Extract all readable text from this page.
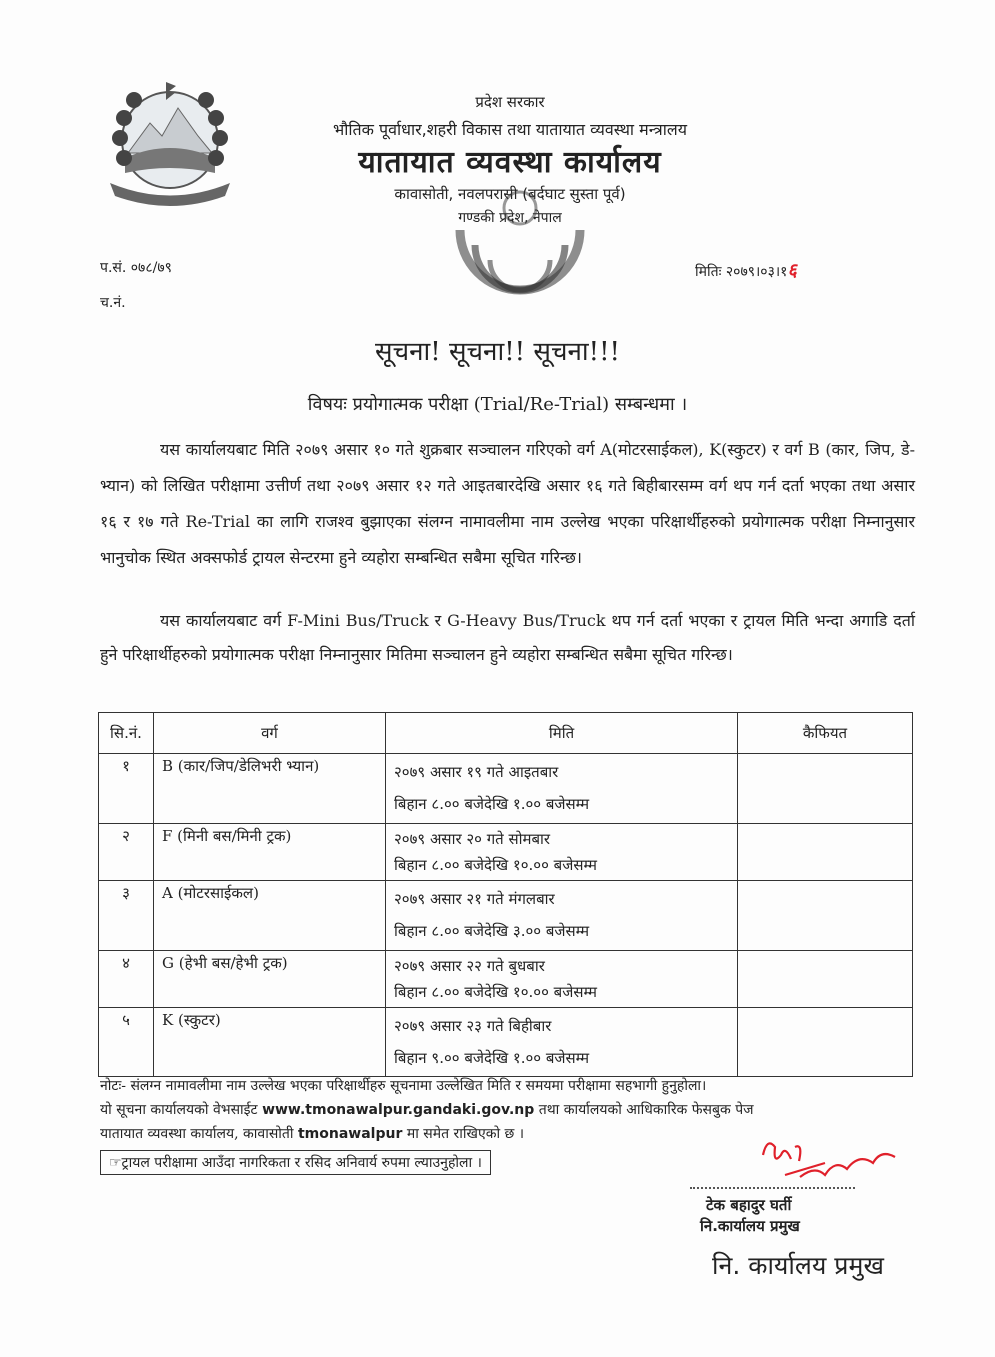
प्रदेश सरकार
भौतिक पूर्वाधार,शहरी विकास तथा यातायात व्यवस्था मन्त्रालय
यातायात व्यवस्था कार्यालय
कावासोती, नवलपरासी (बर्दघाट सुस्ता पूर्व)
गण्डकी प्रदेश, नेपाल
प.सं. ०७८/७९
च.नं.
मितिः २०७९।०३।१६
सूचना! सूचना!! सूचना!!!
विषयः प्रयोगात्मक परीक्षा (Trial/Re-Trial) सम्बन्धमा ।
यस कार्यालयबाट मिति २०७९ असार १० गते शुक्रबार सञ्चालन गरिएको वर्ग A(मोटरसाईकल), K(स्कुटर) र वर्ग B (कार, जिप, डे-भ्यान) को लिखित परीक्षामा उत्तीर्ण तथा २०७९ असार १२ गते आइतबारदेखि असार १६ गते बिहीबारसम्म वर्ग थप गर्न दर्ता भएका तथा असार १६ र १७ गते Re-Trial का लागि राजश्व बुझाएका संलग्न नामावलीमा नाम उल्लेख भएका परिक्षार्थीहरुको प्रयोगात्मक परीक्षा निम्नानुसार भानुचोक स्थित अक्सफोर्ड ट्रायल सेन्टरमा हुने व्यहोरा सम्बन्धित सबैमा सूचित गरिन्छ।
यस कार्यालयबाट वर्ग F-Mini Bus/Truck र G-Heavy Bus/Truck थप गर्न दर्ता भएका र ट्रायल मिति भन्दा अगाडि दर्ता हुने परिक्षार्थीहरुको प्रयोगात्मक परीक्षा निम्नानुसार मितिमा सञ्चालन हुने व्यहोरा सम्बन्धित सबैमा सूचित गरिन्छ।
सि.नं.	वर्ग	मिति	कैफियत
१	B (कार/जिप/डेलिभरी भ्यान)	२०७९ असार १९ गते आइतबार
बिहान ८.०० बजेदेखि १.०० बजेसम्म	

२	F (मिनी बस/मिनी ट्रक)	२०७९ असार २० गते सोमबार
बिहान ८.०० बजेदेखि १०.०० बजेसम्म	

३	A (मोटरसाईकल)	२०७९ असार २१ गते मंगलबार
बिहान ८.०० बजेदेखि ३.०० बजेसम्म	

४	G (हेभी बस/हेभी ट्रक)	२०७९ असार २२ गते बुधबार
बिहान ८.०० बजेदेखि १०.०० बजेसम्म	

५	K (स्कुटर)	२०७९ असार २३ गते बिहीबार
बिहान ९.०० बजेदेखि १.०० बजेसम्म	

नोटः- संलग्न नामावलीमा नाम उल्लेख भएका परिक्षार्थीहरु सूचनामा उल्लेखित मिति र समयमा परीक्षामा सहभागी हुनुहोला।
यो सूचना कार्यालयको वेभसाईट www.tmonawalpur.gandaki.gov.np तथा कार्यालयको आधिकारिक फेसबुक पेज
यातायात व्यवस्था कार्यालय, कावासोती tmonawalpur मा समेत राखिएको छ ।
☞ट्रायल परीक्षामा आउँदा नागरिकता र रसिद अनिवार्य रुपमा ल्याउनुहोला ।
टेक बहादुर घर्ती
नि.कार्यालय प्रमुख
नि. कार्यालय प्रमुख
